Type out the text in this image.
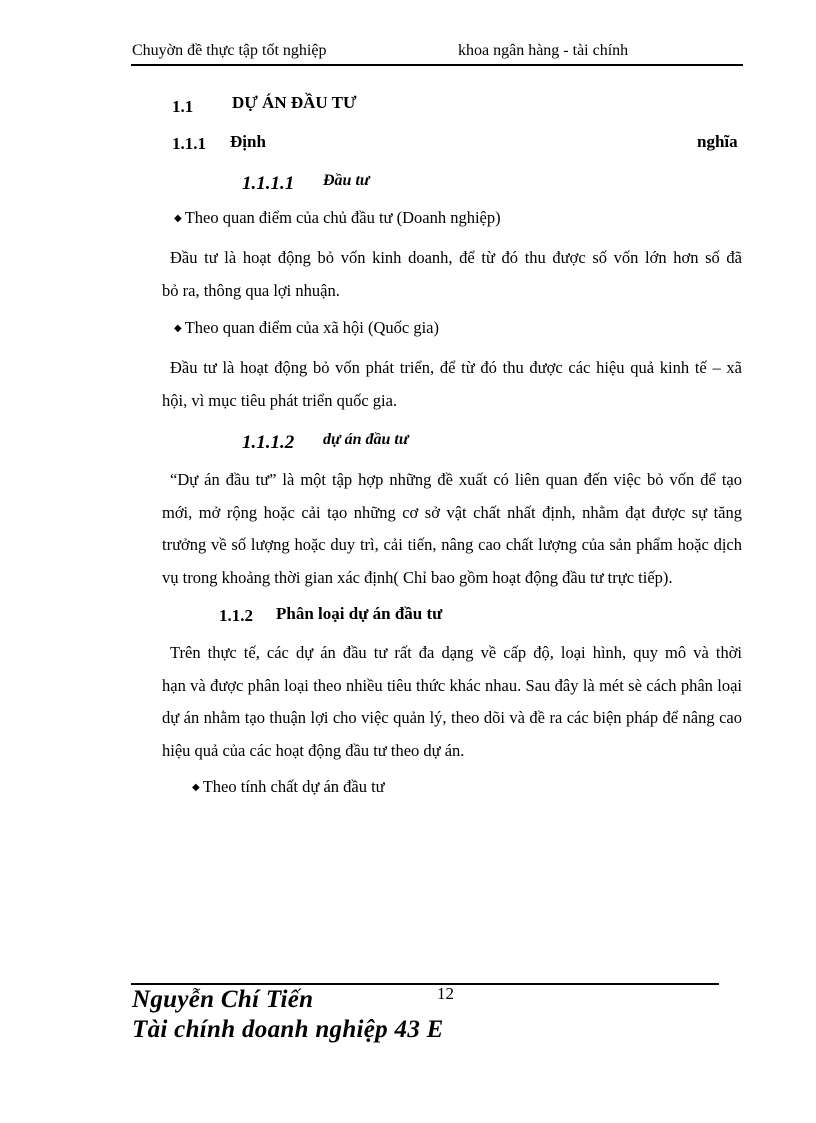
Chuyờn đề thực tập tốt nghiệp	khoa ngân hàng - tài chính
1.1 DỰ ÁN ĐẦU TƯ
1.1.1 Định	nghĩa
1.1.1.1 Đầu tư
◆ Theo quan điểm của chủ đầu tư (Doanh nghiệp)
Đầu tư là hoạt động bỏ vốn kinh doanh, để từ đó thu được số vốn lớn hơn số đã
bỏ ra, thông qua lợi nhuận.
◆ Theo quan điểm của xã hội (Quốc gia)
Đầu tư là hoạt động bỏ vốn phát triển, để từ đó thu được các hiệu quả kinh tế – xã
hội, vì mục tiêu phát triển quốc gia.
1.1.1.2 dự án đầu tư
“Dự án đầu tư” là một tập hợp những đề xuất có liên quan đến việc bỏ vốn để tạo
mới, mở rộng hoặc cải tạo những cơ sở vật chất nhất định, nhằm đạt được sự tăng
trưởng về số lượng hoặc duy trì, cải tiến, nâng cao chất lượng của sản phẩm hoặc dịch
vụ trong khoảng thời gian xác định( Chỉ bao gồm hoạt động đầu tư trực tiếp).
1.1.2 Phân loại dự án đầu tư
Trên thực tế, các dự án đầu tư rất đa dạng về cấp độ, loại hình, quy mô và thời
hạn và được phân loại theo nhiều tiêu thức khác nhau. Sau đây là mét sè cách phân loại
dự án nhằm tạo thuận lợi cho việc quản lý, theo dõi và đề ra các biện pháp để nâng cao
hiệu quả của các hoạt động đầu tư theo dự án.
◆ Theo tính chất dự án đầu tư
12
Nguyễn Chí Tiến
Tài chính doanh nghiệp 43 E
